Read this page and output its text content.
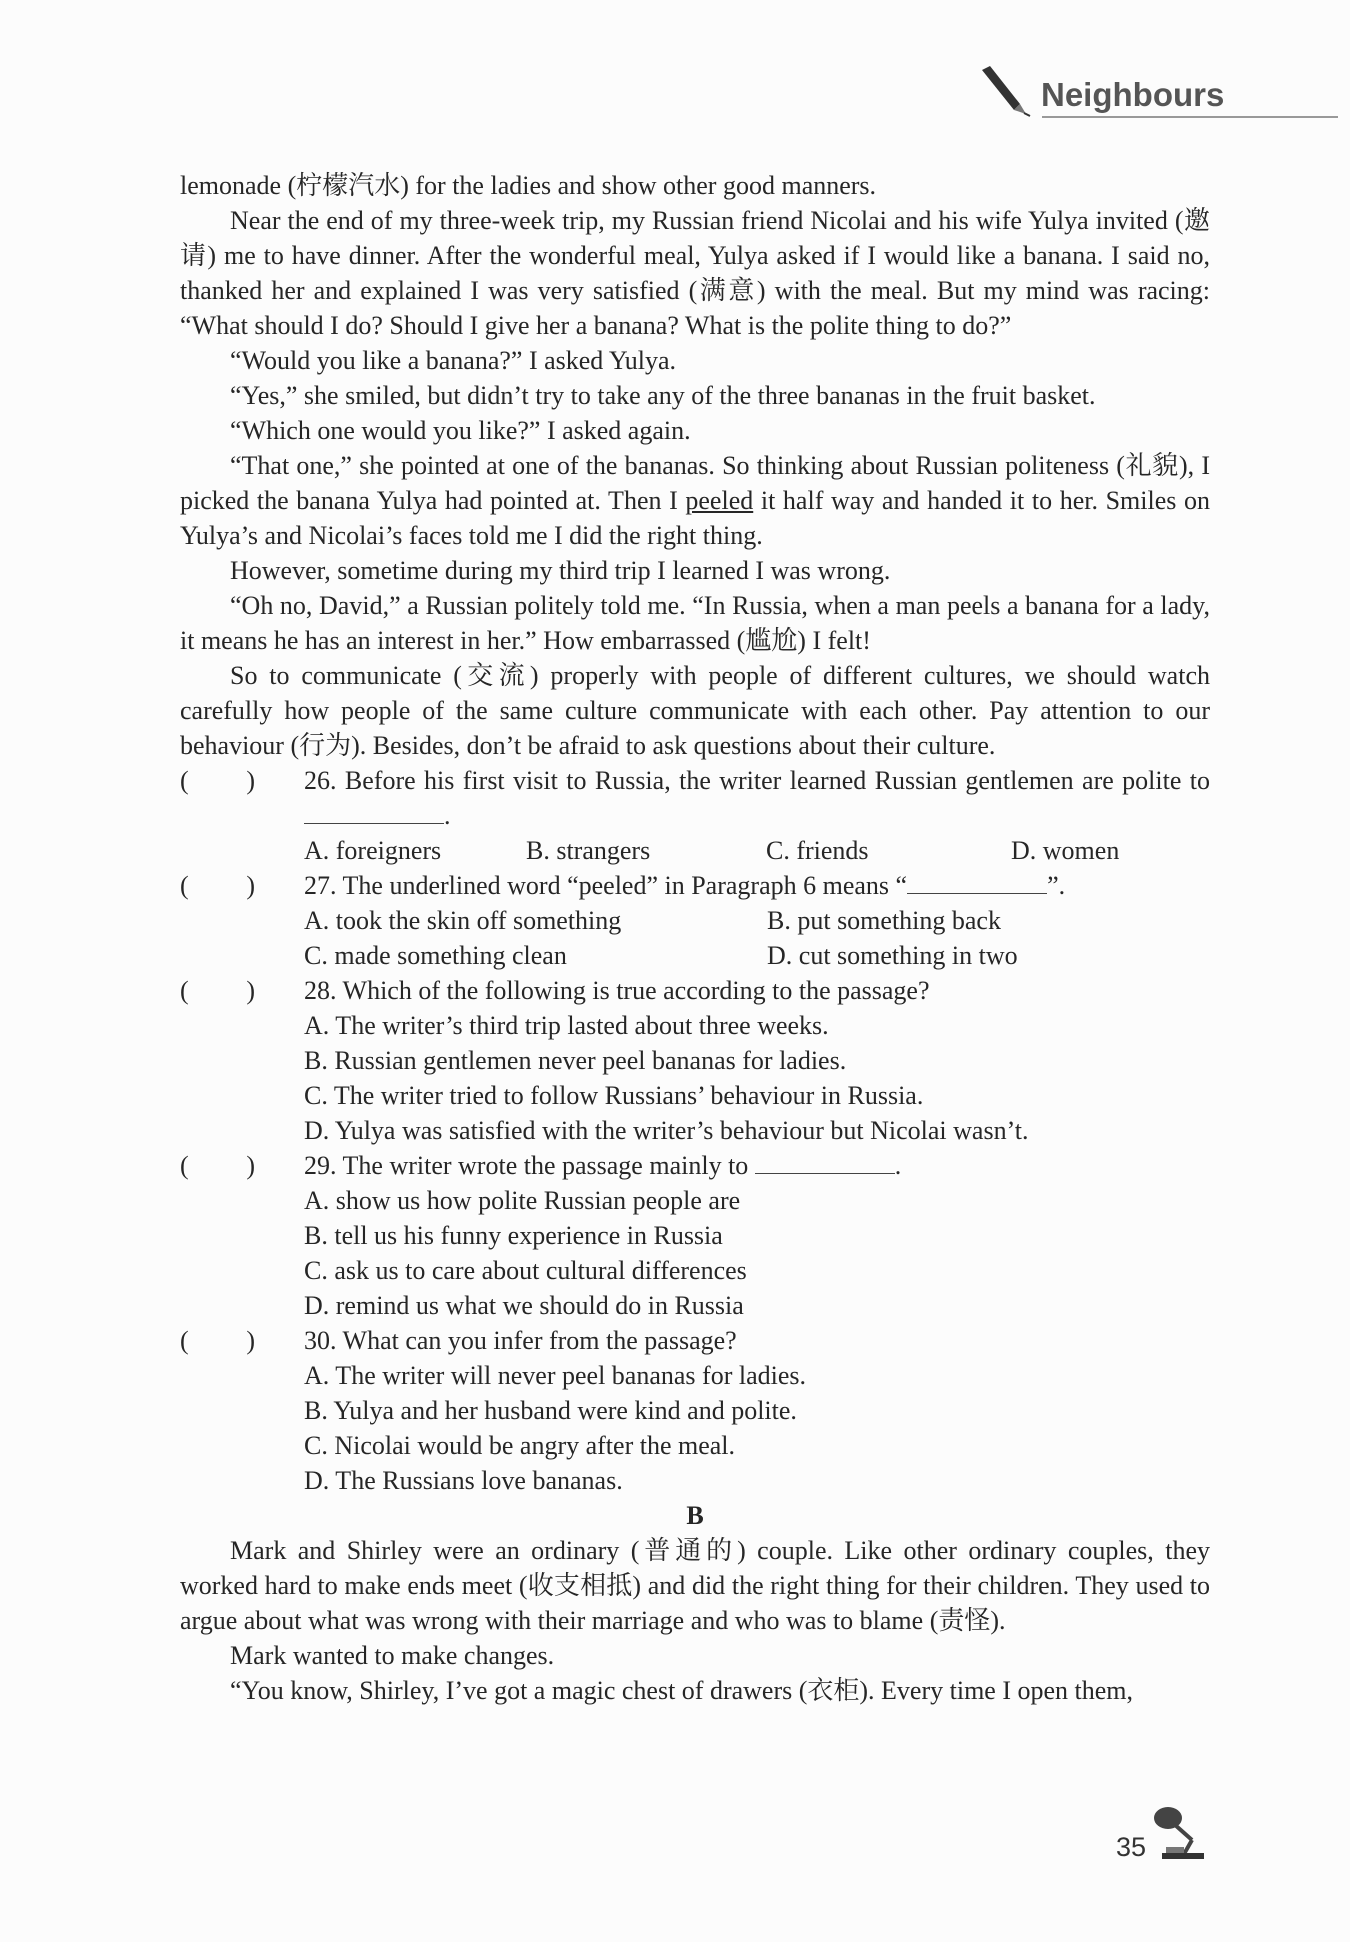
Neighbours

lemonade (柠檬汽水) for the ladies and show other good manners.

Near the end of my three-week trip, my Russian friend Nicolai and his wife Yulya invited (邀请) me to have dinner. After the wonderful meal, Yulya asked if I would like a banana. I said no, thanked her and explained I was very satisfied (满意) with the meal. But my mind was racing: “What should I do? Should I give her a banana? What is the polite thing to do?”

“Would you like a banana?” I asked Yulya.

“Yes,” she smiled, but didn’t try to take any of the three bananas in the fruit basket.

“Which one would you like?” I asked again.

“That one,” she pointed at one of the bananas. So thinking about Russian politeness (礼貌), I picked the banana Yulya had pointed at. Then I peeled it half way and handed it to her. Smiles on Yulya’s and Nicolai’s faces told me I did the right thing.

However, sometime during my third trip I learned I was wrong.

“Oh no, David,” a Russian politely told me. “In Russia, when a man peels a banana for a lady, it means he has an interest in her.” How embarrassed (尴尬) I felt!

So to communicate (交流) properly with people of different cultures, we should watch carefully how people of the same culture communicate with each other. Pay attention to our behaviour (行为). Besides, don’t be afraid to ask questions about their culture.

( ) 26. Before his first visit to Russia, the writer learned Russian gentlemen are polite to .

A. foreigners	B. strangers	C. friends	D. women

( ) 27. The underlined word “peeled” in Paragraph 6 means “	”.

A. took the skin off something	B. put something back
C. made something clean	D. cut something in two

( ) 28. Which of the following is true according to the passage?

A. The writer’s third trip lasted about three weeks.
B. Russian gentlemen never peel bananas for ladies.
C. The writer tried to follow Russians’ behaviour in Russia.
D. Yulya was satisfied with the writer’s behaviour but Nicolai wasn’t.

( ) 29. The writer wrote the passage mainly to	.

A. show us how polite Russian people are
B. tell us his funny experience in Russia
C. ask us to care about cultural differences
D. remind us what we should do in Russia

( ) 30. What can you infer from the passage?

A. The writer will never peel bananas for ladies.
B. Yulya and her husband were kind and polite.
C. Nicolai would be angry after the meal.
D. The Russians love bananas.

B

Mark and Shirley were an ordinary (普通的) couple. Like other ordinary couples, they worked hard to make ends meet (收支相抵) and did the right thing for their children. They used to argue about what was wrong with their marriage and who was to blame (责怪).

Mark wanted to make changes.

“You know, Shirley, I’ve got a magic chest of drawers (衣柜). Every time I open them,

35
